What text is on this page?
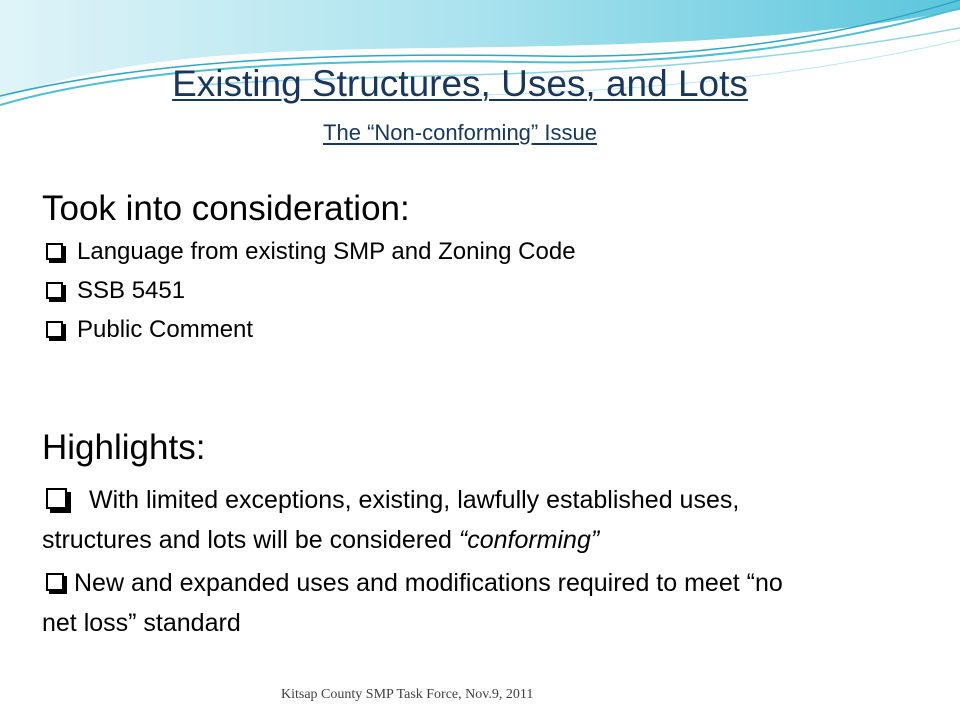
Existing Structures, Uses, and Lots
The “Non-conforming” Issue
Took into consideration:
Language from existing SMP and Zoning Code
SSB 5451
Public Comment
Highlights:
With limited exceptions, existing, lawfully established uses,
structures and lots will be considered “conforming”
New and expanded uses and modifications required to meet “no
net loss” standard
Kitsap County SMP Task Force, Nov.9, 2011
